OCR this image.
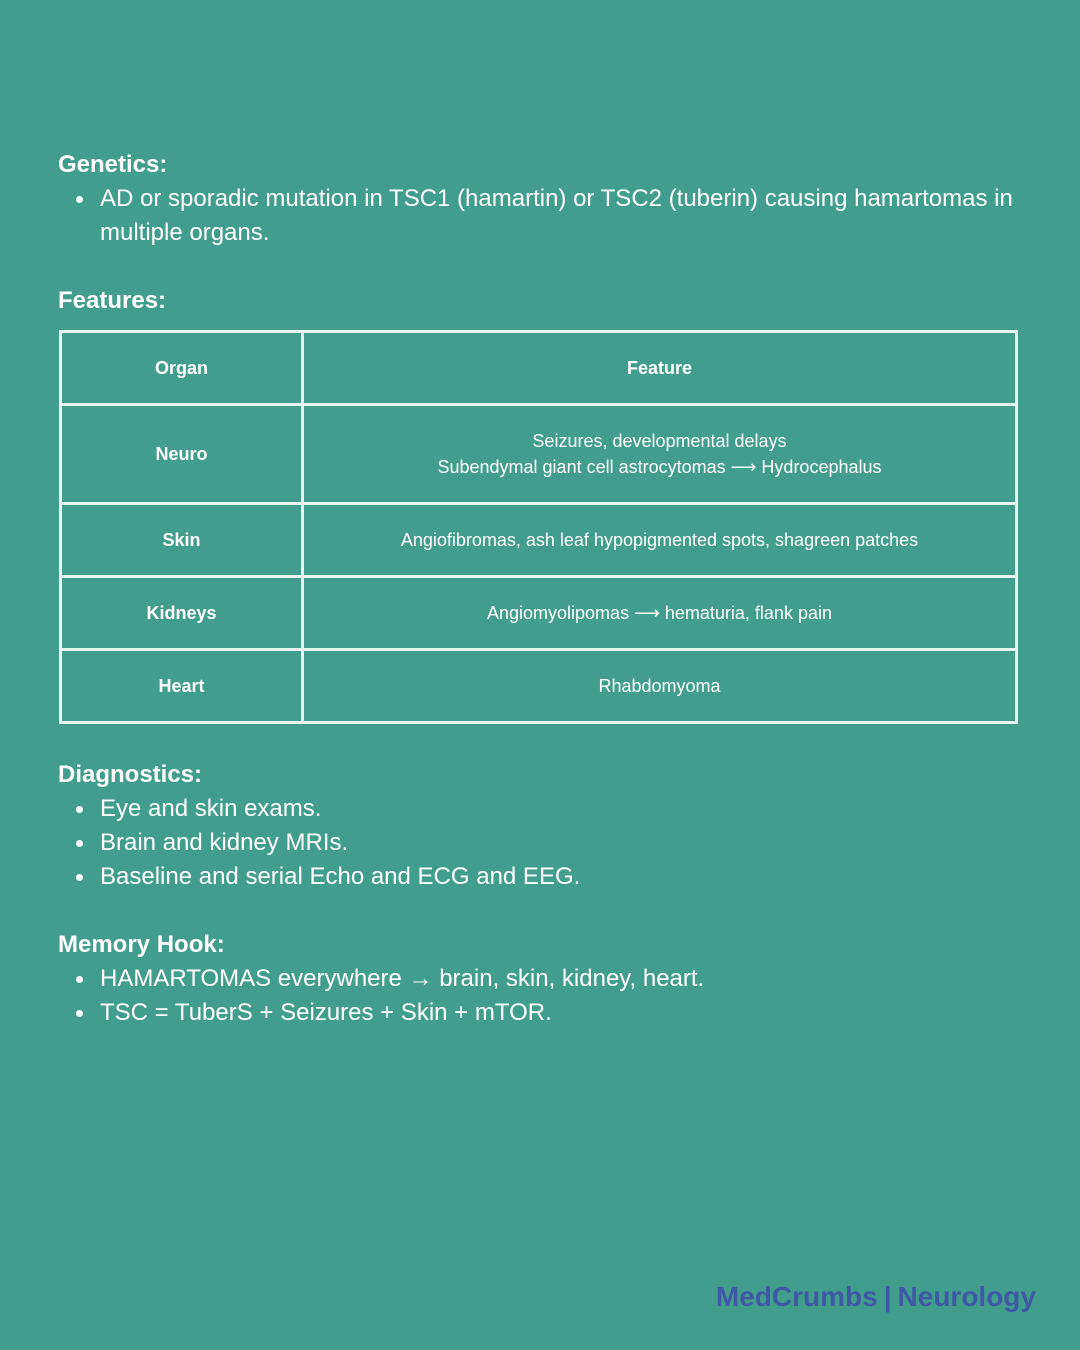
Genetics:
AD or sporadic mutation in TSC1 (hamartin) or TSC2 (tuberin) causing hamartomas in multiple organs.
Features:
Organ	Feature
Neuro	Seizures, developmental delays
Subendymal giant cell astrocytomas ⟶ Hydrocephalus

Skin	Angiofibromas, ash leaf hypopigmented spots, shagreen patches
Kidneys	Angiomyolipomas ⟶ hematuria, flank pain
Heart	Rhabdomyoma
Diagnostics:
Eye and skin exams.
Brain and kidney MRIs.
Baseline and serial Echo and ECG and EEG.
Memory Hook:
HAMARTOMAS everywhere → brain, skin, kidney, heart.
TSC = TuberS + Seizures + Skin + mTOR.
MedCrumbs | Neurology
